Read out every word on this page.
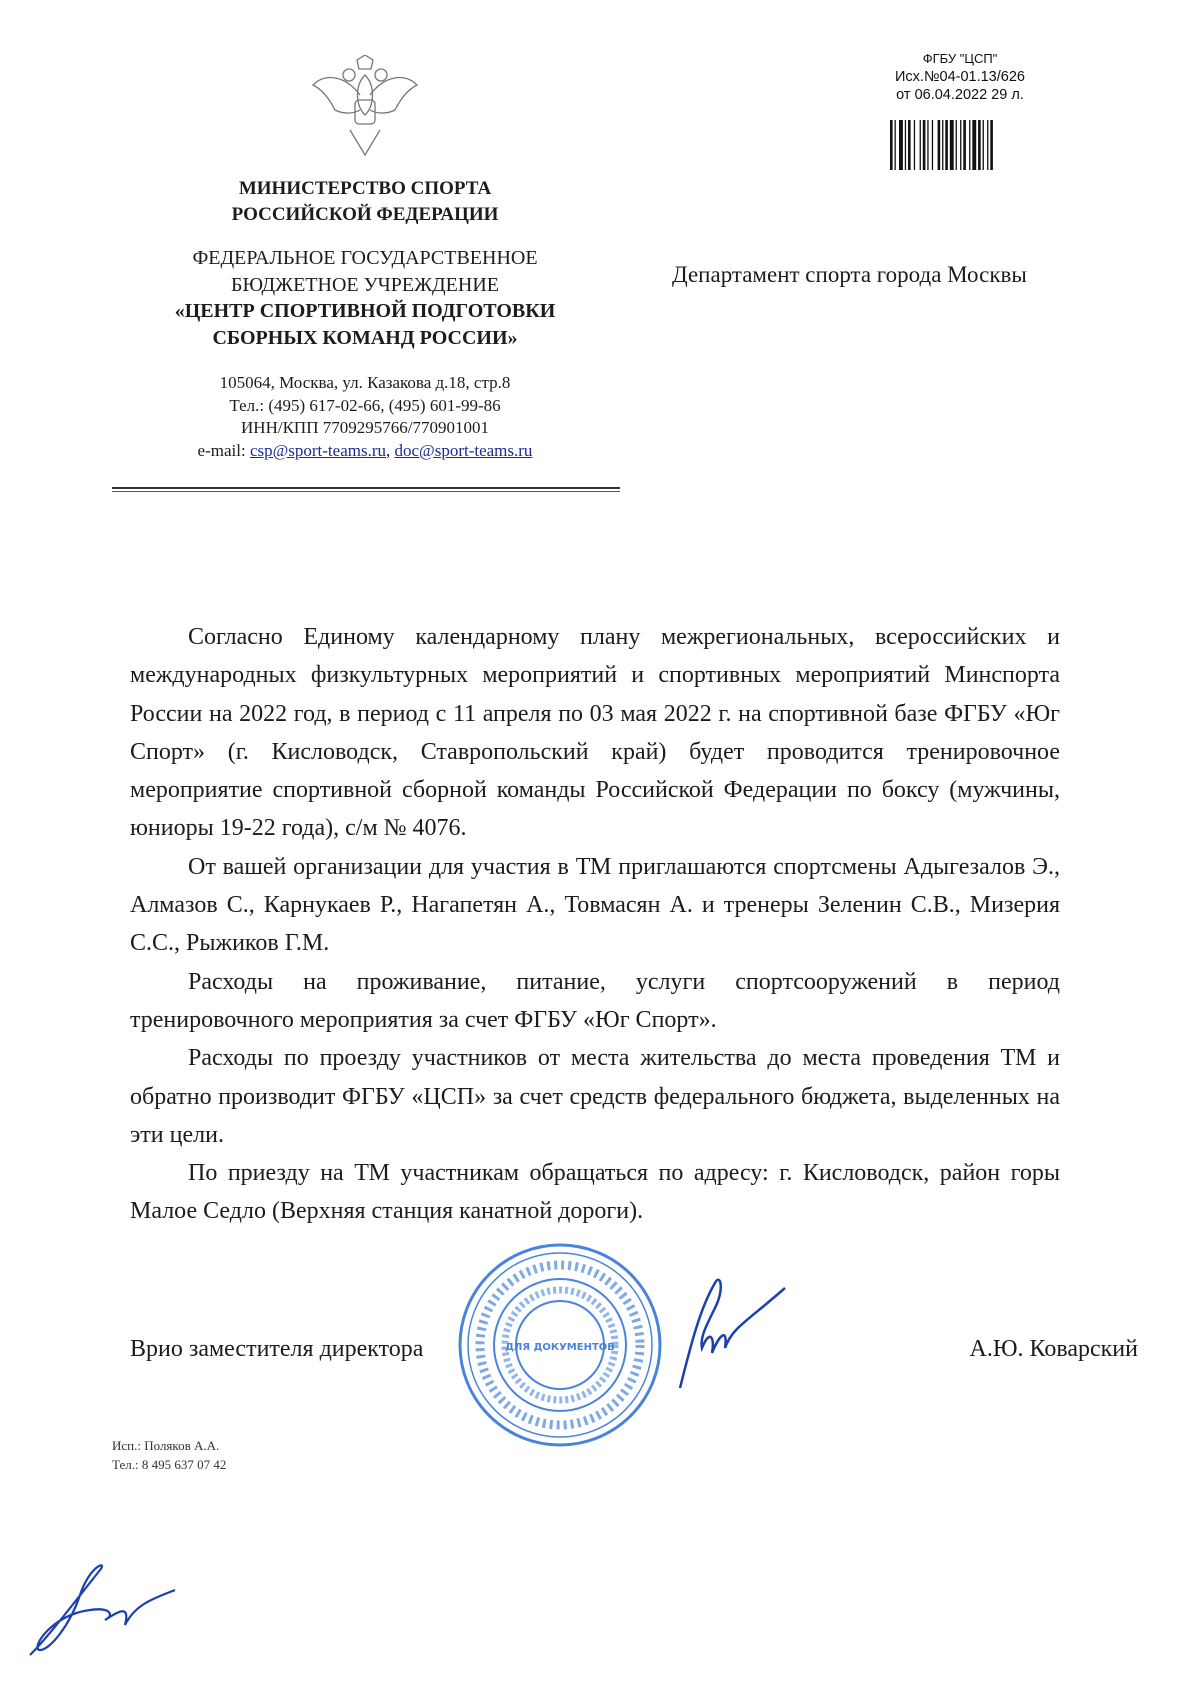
МИНИСТЕРСТВО СПОРТА
РОССИЙСКОЙ ФЕДЕРАЦИИ
ФЕДЕРАЛЬНОЕ ГОСУДАРСТВЕННОЕ
БЮДЖЕТНОЕ УЧРЕЖДЕНИЕ
«ЦЕНТР СПОРТИВНОЙ ПОДГОТОВКИ
СБОРНЫХ КОМАНД РОССИИ»
105064, Москва, ул. Казакова д.18, стр.8
Тел.: (495) 617-02-66, (495) 601-99-86
ИНН/КПП 7709295766/770901001
e-mail: csp@sport-teams.ru, doc@sport-teams.ru
ФГБУ "ЦСП"
Исх.№04-01.13/626
от 06.04.2022 29 л.
Департамент спорта города Москвы

Согласно Единому календарному плану межрегиональных, всероссийских и международных физкультурных мероприятий и спортивных мероприятий Минспорта России на 2022 год, в период с 11 апреля по 03 мая 2022 г. на спортивной базе ФГБУ «Юг Спорт» (г. Кисловодск, Ставропольский край) будет проводится тренировочное мероприятие спортивной сборной команды Российской Федерации по боксу (мужчины, юниоры 19-22 года), с/м № 4076.

От вашей организации для участия в ТМ приглашаются спортсмены Адыгезалов Э., Алмазов С., Карнукаев Р., Нагапетян А., Товмасян А. и тренеры Зеленин С.В., Мизерия С.С., Рыжиков Г.М.

Расходы на проживание, питание, услуги спортсооружений в период тренировочного мероприятия за счет ФГБУ «Юг Спорт».

Расходы по проезду участников от места жительства до места проведения ТМ и обратно производит ФГБУ «ЦСП» за счет средств федерального бюджета, выделенных на эти цели.

По приезду на ТМ участникам обращаться по адресу: г. Кисловодск, район горы Малое Седло (Верхняя станция канатной дороги).

Врио заместителя директора	А.Ю. Коварский
ДЛЯ ДОКУМЕНТОВ
Исп.: Поляков А.А.
Тел.: 8 495 637 07 42
